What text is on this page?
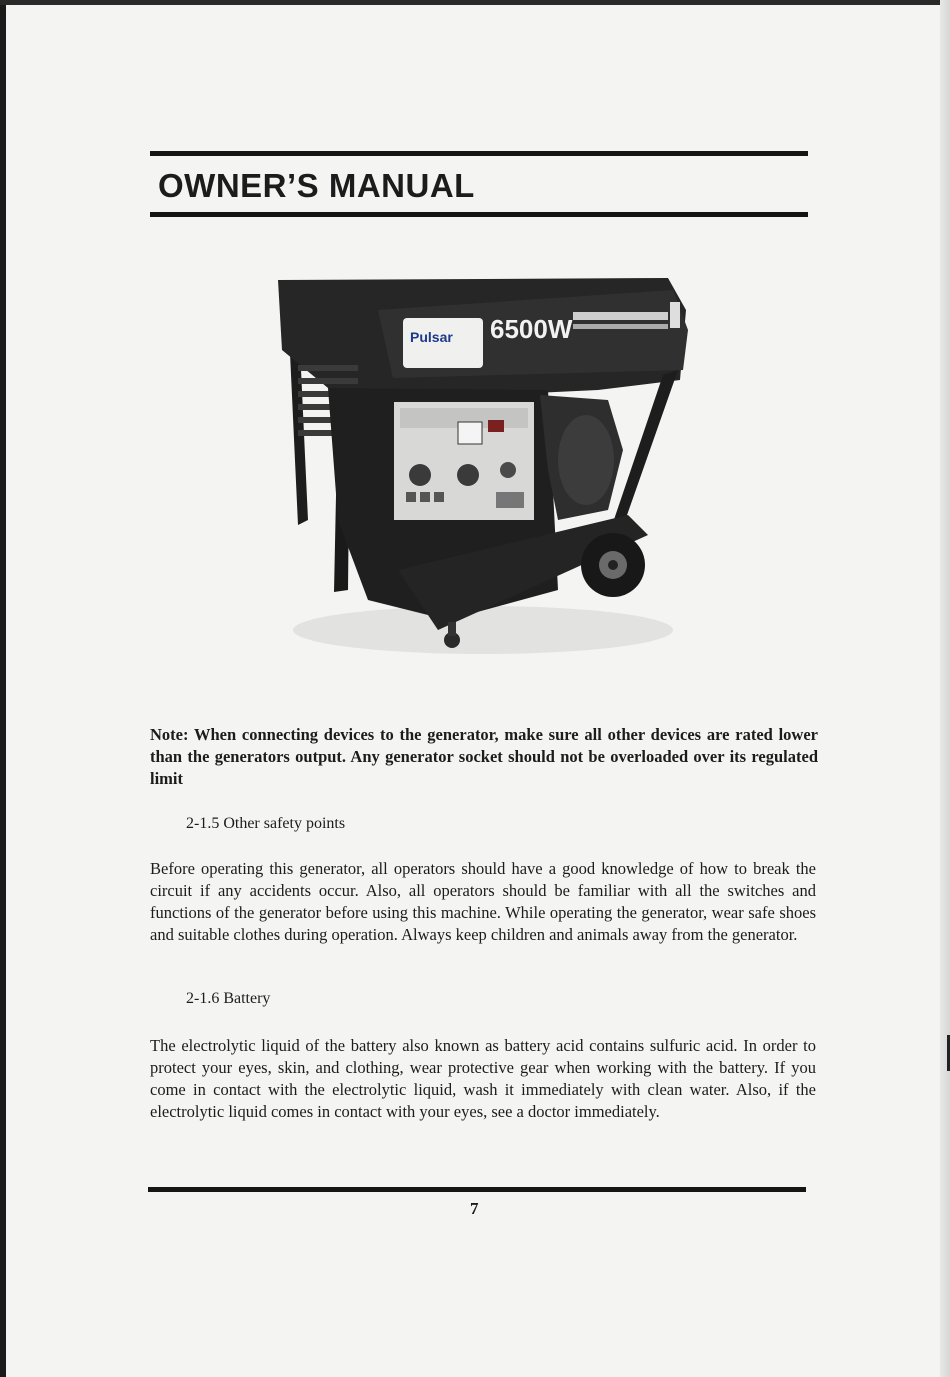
OWNER’S MANUAL
Pulsar 6500W

Note: When connecting devices to the generator, make sure all other devices are rated lower than the generators output. Any generator socket should not be overloaded over its regulated limit

2-1.5 Other safety points

Before operating this generator, all operators should have a good knowledge of how to break the circuit if any accidents occur. Also, all operators should be familiar with all the switches and functions of the generator before using this machine. While operating the generator, wear safe shoes and suitable clothes during operation. Always keep children and animals away from the generator.

2-1.6 Battery

The electrolytic liquid of the battery also known as battery acid contains sulfuric acid. In order to protect your eyes, skin, and clothing, wear protective gear when working with the battery. If you come in contact with the electrolytic liquid, wash it immediately with clean water. Also, if the electrolytic liquid comes in contact with your eyes, see a doctor immediately.

7
